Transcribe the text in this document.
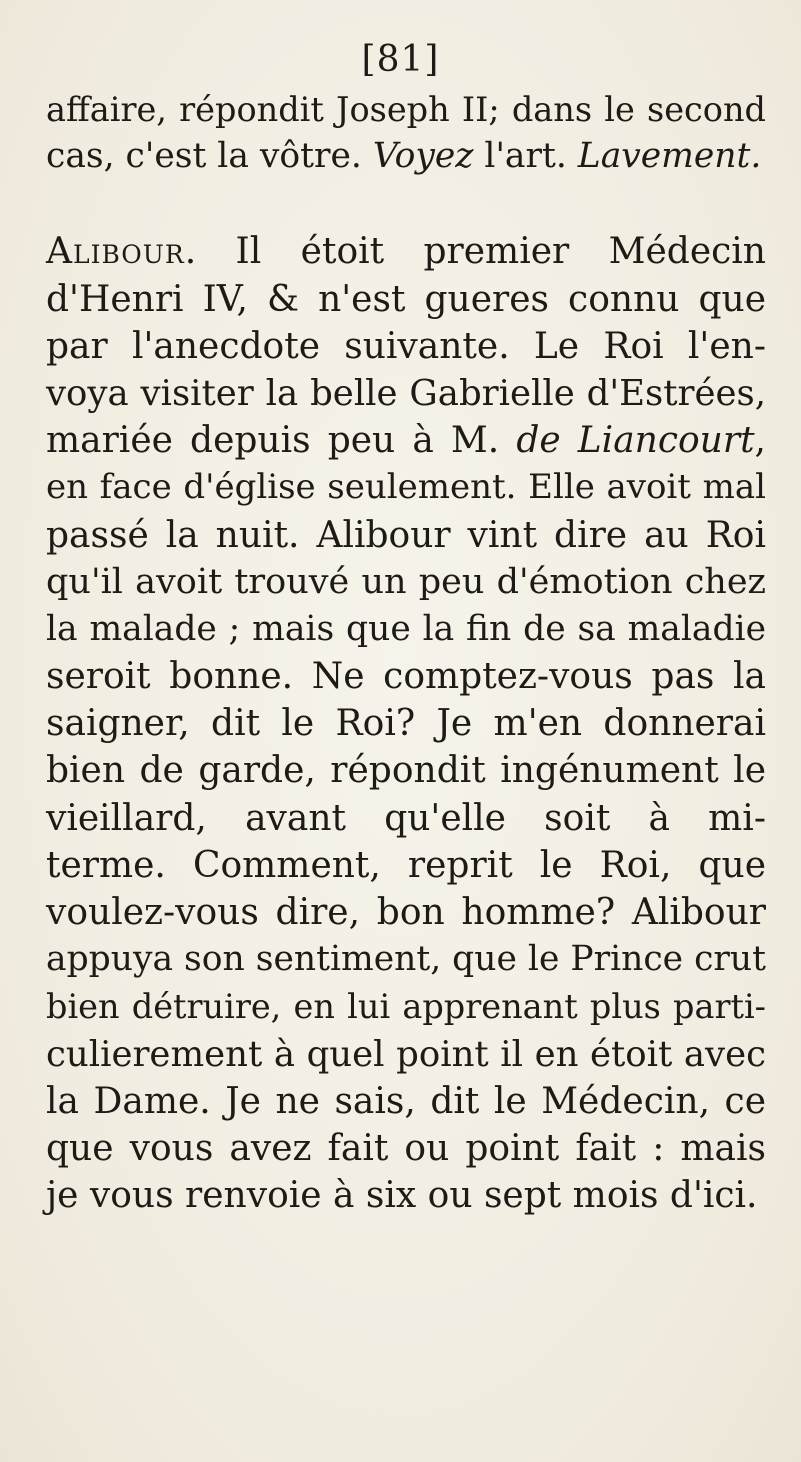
[81]
affaire, répondit Joseph II; dans le second
cas, c'est la vôtre. Voyez l'art. Lavement.
Alibour. Il étoit premier Médecin
d'Henri IV, & n'est gueres connu que
par l'anecdote suivante. Le Roi l'en-
voya visiter la belle Gabrielle d'Estrées,
mariée depuis peu à M. de Liancourt,
en face d'église seulement. Elle avoit mal
passé la nuit. Alibour vint dire au Roi
qu'il avoit trouvé un peu d'émotion chez
la malade ; mais que la fin de sa maladie
seroit bonne. Ne comptez-vous pas la
saigner, dit le Roi? Je m'en donnerai
bien de garde, répondit ingénument le
vieillard, avant qu'elle soit à mi-
terme. Comment, reprit le Roi, que
voulez-vous dire, bon homme? Alibour
appuya son sentiment, que le Prince crut
bien détruire, en lui apprenant plus parti-
culierement à quel point il en étoit avec
la Dame. Je ne sais, dit le Médecin, ce
que vous avez fait ou point fait : mais
je vous renvoie à six ou sept mois d'ici.
